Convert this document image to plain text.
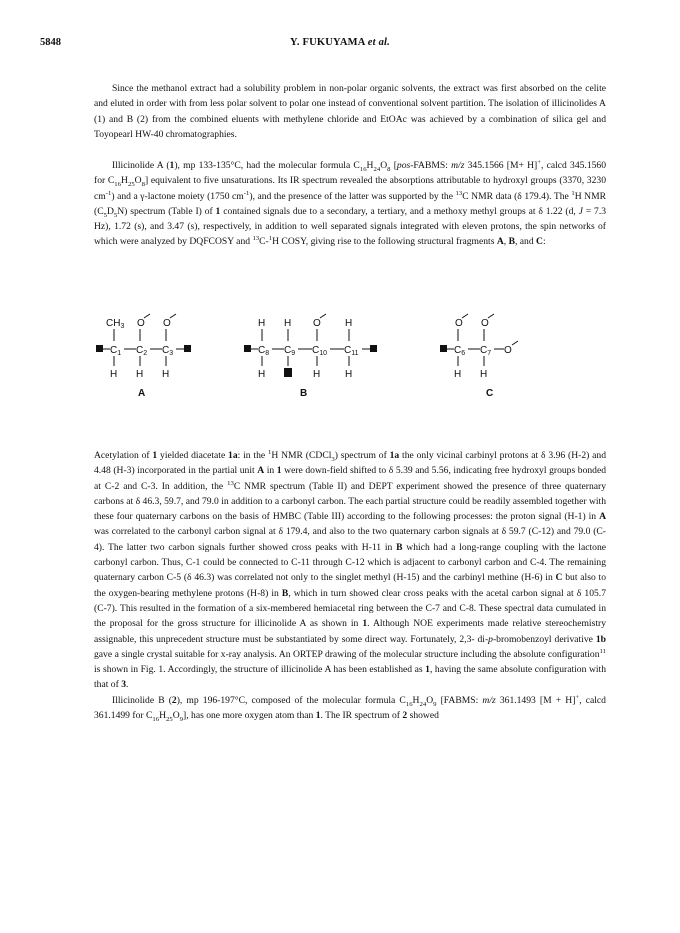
5848	Y. FUKUYAMA et al.

Since the methanol extract had a solubility problem in non-polar organic solvents, the extract was first absorbed on the celite and eluted in order with from less polar solvent to polar one instead of conventional solvent partition. The isolation of illicinolides A (1) and B (2) from the combined eluents with methylene chloride and EtOAc was achieved by a combination of silica gel and Toyopearl HW-40 chromatographies.

Illicinolide A (1), mp 133-135°C, had the molecular formula $C_{16}H_{24}O_8$ [pos-FABMS: m/z 345.1566 [M+ H]+, calcd 345.1560 for $C_{16}H_{25}O_8$] equivalent to five unsaturations. Its IR spectrum revealed the absorptions attributable to hydroxyl groups (3370, 3230 $cm^{-1}$) and a γ-lactone moiety (1750 $cm^{-1}$), and the presence of the latter was supported by the $^{13}$C NMR data (δ 179.4). The $^1$H NMR $(C_5D_5N)$ spectrum (Table I) of 1 contained signals due to a secondary, a tertiary, and a methoxy methyl groups at δ 1.22 (d, J = 7.3 Hz), 1.72 (s), and 3.47 (s), respectively, in addition to well separated signals integrated with eleven protons, the spin networks of which were analyzed by DQFCOSY and $^{13}$C-$^1$H COSY, giving rise to the following structural fragments A, B, and C:

$C_1$ $C_2$ $C_3$
$CH_3$ O O
H H H
A
$C_8$ $C_9$ $C_{10}$ $C_{11}$
H H O H
H	H H
B
$C_6$ $C_7$ O
O O
H H
C

Acetylation of 1 yielded diacetate 1a: in the $^1$H NMR (CDCl$_3$) spectrum of 1a the only vicinal carbinyl protons at δ 3.96 (H-2) and 4.48 (H-3) incorporated in the partial unit A in 1 were down-field shifted to δ 5.39 and 5.56, indicating free hydroxyl groups bonded at C-2 and C-3. In addition, the $^{13}$C NMR spectrum (Table II) and DEPT experiment showed the presence of three quaternary carbons at δ 46.3, 59.7, and 79.0 in addition to a carbonyl carbon. The each partial structure could be readily assembled together with these four quaternary carbons on the basis of HMBC (Table III) according to the following processes: the proton signal (H-1) in A was correlated to the carbonyl carbon signal at δ 179.4, and also to the two quaternary carbon signals at δ 59.7 (C-12) and 79.0 (C-4). The latter two carbon signals further showed cross peaks with H-11 in B which had a long-range coupling with the lactone carbonyl carbon. Thus, C-1 could be connected to C-11 through C-12 which is adjacent to carbonyl carbon and C-4. The remaining quaternary carbon C-5 (δ 46.3) was correlated not only to the singlet methyl (H-15) and the carbinyl methine (H-6) in C but also to the oxygen-bearing methylene protons (H-8) in B, which in turn showed clear cross peaks with the acetal carbon signal at δ 105.7 (C-7). This resulted in the formation of a six-membered hemiacetal ring between the C-7 and C-8. These spectral data cumulated in the proposal for the gross structure for illicinolide A as shown in 1. Although NOE experiments made relative stereochemistry assignable, this unprecedent structure must be substantiated by some direct way. Fortunately, 2,3- di-p-bromobenzoyl derivative 1b gave a single crystal suitable for x-ray analysis. An ORTEP drawing of the molecular structure including the absolute configuration$^{11}$ is shown in Fig. 1. Accordingly, the structure of illicinolide A has been established as 1, having the same absolute configuration with that of 3.

Illicinolide B (2), mp 196-197°C, composed of the molecular formula $C_{16}H_{24}O_9$ [FABMS: m/z 361.1493 [M + H]+, calcd 361.1499 for $C_{16}H_{25}O_9$], has one more oxygen atom than 1. The IR spectrum of 2 showed
